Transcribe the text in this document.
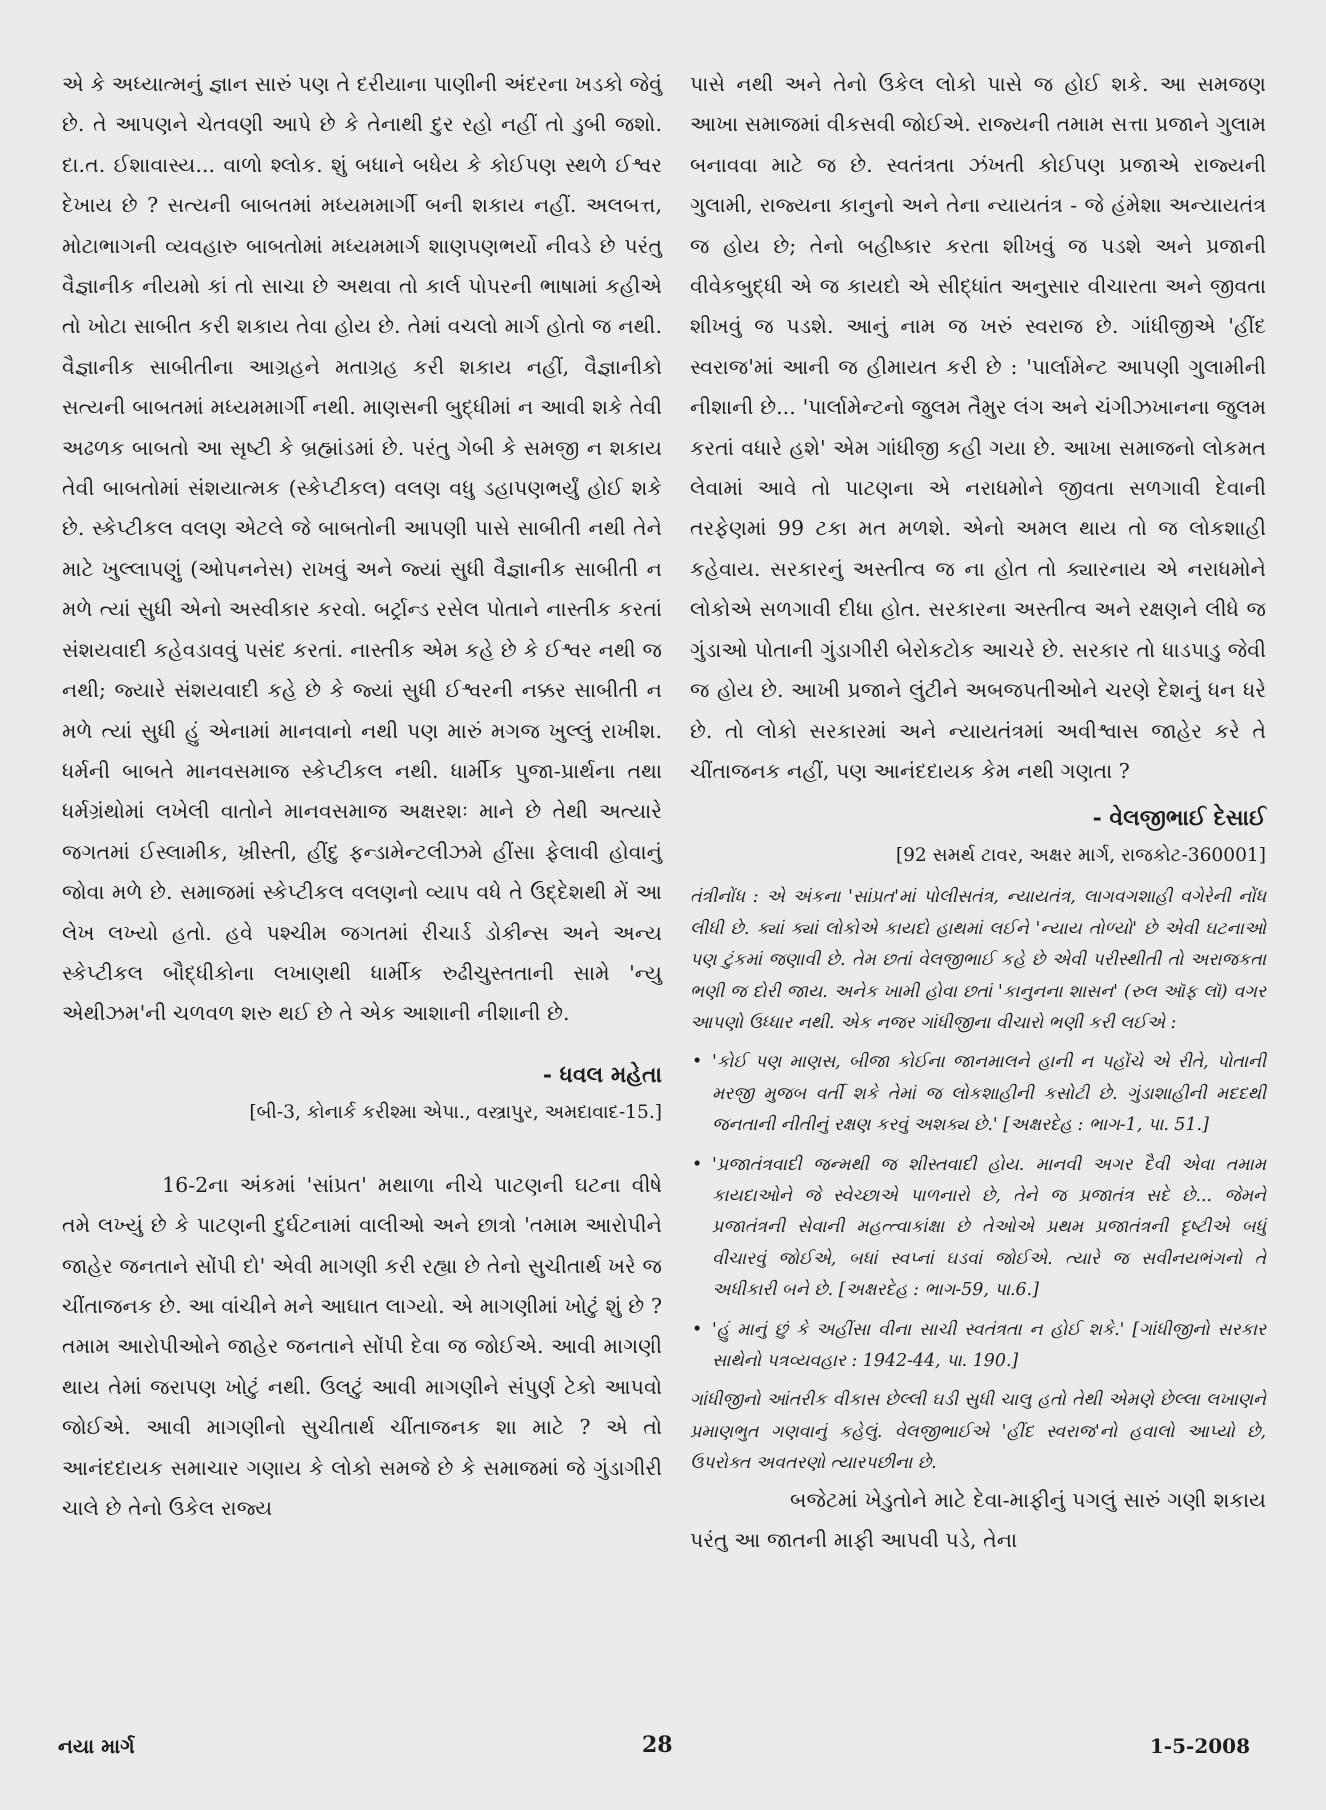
એ કે અધ્યાત્મનું જ્ઞાન સારું પણ તે દરીયાના પાણીની અંદરના ખડકો જેવું છે. તે આપણને ચેતવણી આપે છે કે તેનાથી દુર રહો નહીં તો ડુબી જશો. દા.ત. ઈશાવાસ્ય... વાળો શ્લોક. શું બધાને બધેય કે કોઈપણ સ્થળે ઈશ્વર દેખાય છે ? સત્યની બાબતમાં મધ્યમમાર્ગી બની શકાય નહીં. અલબત્ત, મોટાભાગની વ્યવહારુ બાબતોમાં મધ્યમમાર્ગ શાણપણભર્યો નીવડે છે પરંતુ વૈજ્ઞાનીક નીયમો કાં તો સાચા છે અથવા તો કાર્લ પોપરની ભાષામાં કહીએ તો ખોટા સાબીત કરી શકાય તેવા હોય છે. તેમાં વચલો માર્ગ હોતો જ નથી. વૈજ્ઞાનીક સાબીતીના આગ્રહને મતાગ્રહ કરી શકાય નહીં, વૈજ્ઞાનીકો સત્યની બાબતમાં મધ્યમમાર્ગી નથી. માણસની બુદ્ધીમાં ન આવી શકે તેવી અઢળક બાબતો આ સૃષ્ટી કે બ્રહ્માંડમાં છે. પરંતુ ગેબી કે સમજી ન શકાય તેવી બાબતોમાં સંશયાત્મક (સ્કેપ્ટીકલ) વલણ વધુ ડહાપણભર્યું હોઈ શકે છે. સ્કેપ્ટીકલ વલણ એટલે જે બાબતોની આપણી પાસે સાબીતી નથી તેને માટે ખુલ્લાપણું (ઓપનનેસ) રાખવું અને જ્યાં સુધી વૈજ્ઞાનીક સાબીતી ન મળે ત્યાં સુધી એનો અસ્વીકાર કરવો. બર્ટ્રાન્ડ રસેલ પોતાને નાસ્તીક કરતાં સંશયવાદી કહેવડાવવું પસંદ કરતાં. નાસ્તીક એમ કહે છે કે ઈશ્વર નથી જ નથી; જ્યારે સંશયવાદી કહે છે કે જ્યાં સુધી ઈશ્વરની નક્કર સાબીતી ન મળે ત્યાં સુધી હું એનામાં માનવાનો નથી પણ મારું મગજ ખુલ્લું રાખીશ. ધર્મની બાબતે માનવસમાજ સ્કેપ્ટીકલ નથી. ધાર્મીક પુજા-પ્રાર્થના તથા ધર્મગ્રંથોમાં લખેલી વાતોને માનવસમાજ અક્ષરશઃ માને છે તેથી અત્યારે જગતમાં ઈસ્લામીક, ખ્રીસ્તી, હીંદુ ફન્ડામેન્ટલીઝમે હીંસા ફેલાવી હોવાનું જોવા મળે છે. સમાજમાં સ્કેપ્ટીકલ વલણનો વ્યાપ વધે તે ઉદ્દેશથી મેં આ લેખ લખ્યો હતો. હવે પશ્ચીમ જગતમાં રીચાર્ડ ડોકીન્સ અને અન્ય સ્કેપ્ટીકલ બૌદ્ધીકોના લખાણથી ધાર્મીક રુઢીચુસ્તતાની સામે 'ન્યુ એથીઝમ'ની ચળવળ શરુ થઈ છે તે એક આશાની નીશાની છે.

- ધવલ મહેતા

[બી-3, કોનાર્ક કરીશ્મા એપા., વસ્ત્રાપુર, અમદાવાદ-15.]

16-2ના અંકમાં 'સાંપ્રત' મથાળા નીચે પાટણની ઘટના વીષે તમે લખ્યું છે કે પાટણની દુર્ઘટનામાં વાલીઓ અને છાત્રો 'તમામ આરોપીને જાહેર જનતાને સોંપી દો' એવી માગણી કરી રહ્યા છે તેનો સુચીતાર્થ ખરે જ ચીંતાજનક છે. આ વાંચીને મને આઘાત લાગ્યો. એ માગણીમાં ખોટું શું છે ? તમામ આરોપીઓને જાહેર જનતાને સોંપી દેવા જ જોઈએ. આવી માગણી થાય તેમાં જરાપણ ખોટું નથી. ઉલટું આવી માગણીને સંપુર્ણ ટેકો આપવો જોઈએ. આવી માગણીનો સુચીતાર્થ ચીંતાજનક શા માટે ? એ તો આનંદદાયક સમાચાર ગણાય કે લોકો સમજે છે કે સમાજમાં જે ગુંડાગીરી ચાલે છે તેનો ઉકેલ રાજ્ય

પાસે નથી અને તેનો ઉકેલ લોકો પાસે જ હોઈ શકે. આ સમજણ આખા સમાજમાં વીકસવી જોઈએ. રાજ્યની તમામ સત્તા પ્રજાને ગુલામ બનાવવા માટે જ છે. સ્વતંત્રતા ઝંખતી કોઈપણ પ્રજાએ રાજ્યની ગુલામી, રાજ્યના કાનુનો અને તેના ન્યાયતંત્ર - જે હંમેશા અન્યાયતંત્ર જ હોય છે; તેનો બહીષ્કાર કરતા શીખવું જ પડશે અને પ્રજાની વીવેકબુદ્ધી એ જ કાયદો એ સીદ્ધાંત અનુસાર વીચારતા અને જીવતા શીખવું જ પડશે. આનું નામ જ ખરું સ્વરાજ છે. ગાંધીજીએ 'હીંદ સ્વરાજ'માં આની જ હીમાયત કરી છે : 'પાર્લામેન્ટ આપણી ગુલામીની નીશાની છે... 'પાર્લામેન્ટનો જુલમ તૈમુર લંગ અને ચંગીઝખાનના જુલમ કરતાં વધારે હશે' એમ ગાંધીજી કહી ગયા છે. આખા સમાજનો લોકમત લેવામાં આવે તો પાટણના એ નરાધમોને જીવતા સળગાવી દેવાની તરફેણમાં 99 ટકા મત મળશે. એનો અમલ થાય તો જ લોકશાહી કહેવાય. સરકારનું અસ્તીત્વ જ ના હોત તો ક્યારનાય એ નરાધમોને લોકોએ સળગાવી દીધા હોત. સરકારના અસ્તીત્વ અને રક્ષણને લીધે જ ગુંડાઓ પોતાની ગુંડાગીરી બેરોકટોક આચરે છે. સરકાર તો ધાડપાડુ જેવી જ હોય છે. આખી પ્રજાને લુંટીને અબજપતીઓને ચરણે દેશનું ધન ધરે છે. તો લોકો સરકારમાં અને ન્યાયતંત્રમાં અવીશ્વાસ જાહેર કરે તે ચીંતાજનક નહીં, પણ આનંદદાયક કેમ નથી ગણતા ?

- વેલજીભાઈ દેસાઈ

[92 સમર્થ ટાવર, અક્ષર માર્ગ, રાજકોટ-360001]

તંત્રીનોંધ : એ અંકના 'સાંપ્રત'માં પોલીસતંત્ર, ન્યાયતંત્ર, લાગવગશાહી વગેરેની નોંધ લીધી છે. ક્યાં ક્યાં લોકોએ કાયદો હાથમાં લઈને 'ન્યાય તોળ્યો' છે એવી ઘટનાઓ પણ ટુંકમાં જણાવી છે. તેમ છતાં વેલજીભાઈ કહે છે એવી પરીસ્થીતી તો અરાજકતા ભણી જ દોરી જાય. અનેક ખામી હોવા છતાં 'કાનુનના શાસન' (રુલ ઑફ લૉ) વગર આપણો ઉધ્ધાર નથી. એક નજર ગાંધીજીના વીચારો ભણી કરી લઈએ :

• 'કોઈ પણ માણસ, બીજા કોઈના જાનમાલને હાની ન પહોંચે એ રીતે, પોતાની મરજી મુજબ વર્તી શકે તેમાં જ લોકશાહીની કસોટી છે. ગુંડાશાહીની મદદથી જનતાની નીતીનું રક્ષણ કરવું અશક્ય છે.' [અક્ષરદેહ : ભાગ-1, પા. 51.]
• 'પ્રજાતંત્રવાદી જન્મથી જ શીસ્તવાદી હોય. માનવી અગર દૈવી એવા તમામ કાયદાઓને જે સ્વેચ્છાએ પાળનારો છે, તેને જ પ્રજાતંત્ર સદે છે... જેમને પ્રજાતંત્રની સેવાની મહત્ત્વાકાંક્ષા છે તેઓએ પ્રથમ પ્રજાતંત્રની દૃષ્ટીએ બધું વીચારવું જોઈએ, બધાં સ્વપ્નાં ઘડવાં જોઈએ. ત્યારે જ સવીનયભંગનો તે અધીકારી બને છે. [અક્ષરદેહ : ભાગ-59, પા.6.]
• 'હું માનું છું કે અહીંસા વીના સાચી સ્વતંત્રતા ન હોઈ શકે.' [ગાંધીજીનો સરકાર સાથેનો પત્રવ્યવહાર : 1942-44, પા. 190.]

ગાંધીજીનો આંતરીક વીકાસ છેલ્લી ઘડી સુધી ચાલુ હતો તેથી એમણે છેલ્લા લખાણને પ્રમાણભુત ગણવાનું કહેલું. વેલજીભાઈએ 'હીંદ સ્વરાજ'નો હવાલો આપ્યો છે, ઉપરોક્ત અવતરણો ત્યારપછીના છે.

બજેટમાં ખેડુતોને માટે દેવા-માફીનું પગલું સારું ગણી શકાય પરંતુ આ જાતની માફી આપવી પડે, તેના

નયા માર્ગ	28	1-5-2008
